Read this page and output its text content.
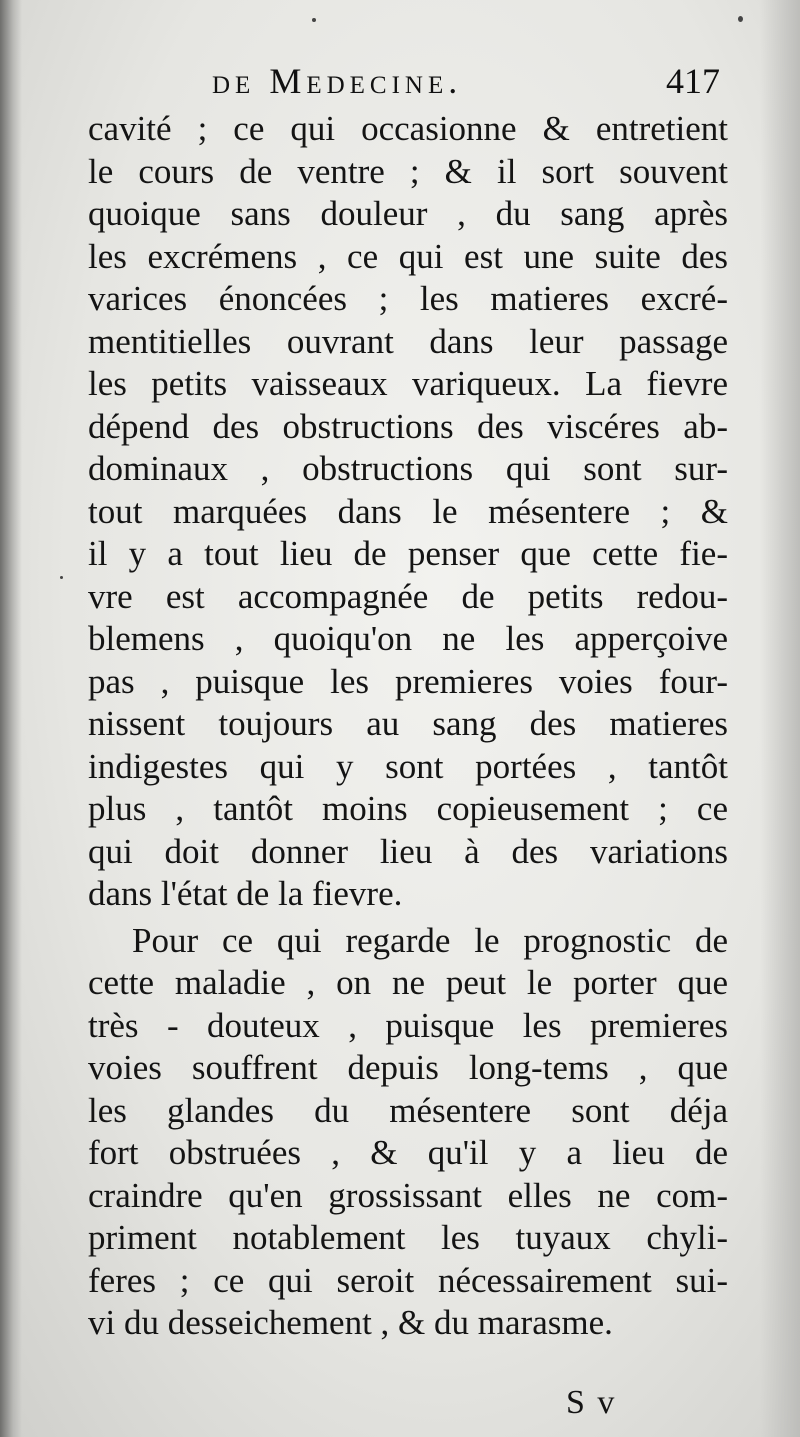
de Medecine.	417
cavité ; ce qui occasionne & entretient
le cours de ventre ; & il sort souvent
quoique sans douleur , du sang après
les excrémens , ce qui est une suite des
varices énoncées ; les matieres excré-
mentitielles ouvrant dans leur passage
les petits vaisseaux variqueux. La fievre
dépend des obstructions des viscéres ab-
dominaux , obstructions qui sont sur-
tout marquées dans le mésentere ; &
il y a tout lieu de penser que cette fie-
vre est accompagnée de petits redou-
blemens , quoiqu'on ne les apperçoive
pas , puisque les premieres voies four-
nissent toujours au sang des matieres
indigestes qui y sont portées , tantôt
plus , tantôt moins copieusement ; ce
qui doit donner lieu à des variations
dans l'état de la fievre.
Pour ce qui regarde le prognostic de
cette maladie , on ne peut le porter que
très - douteux , puisque les premieres
voies souffrent depuis long-tems , que
les glandes du mésentere sont déja
fort obstruées , & qu'il y a lieu de
craindre qu'en grossissant elles ne com-
priment notablement les tuyaux chyli-
feres ; ce qui seroit nécessairement sui-
vi du desseichement , & du marasme.
S v
